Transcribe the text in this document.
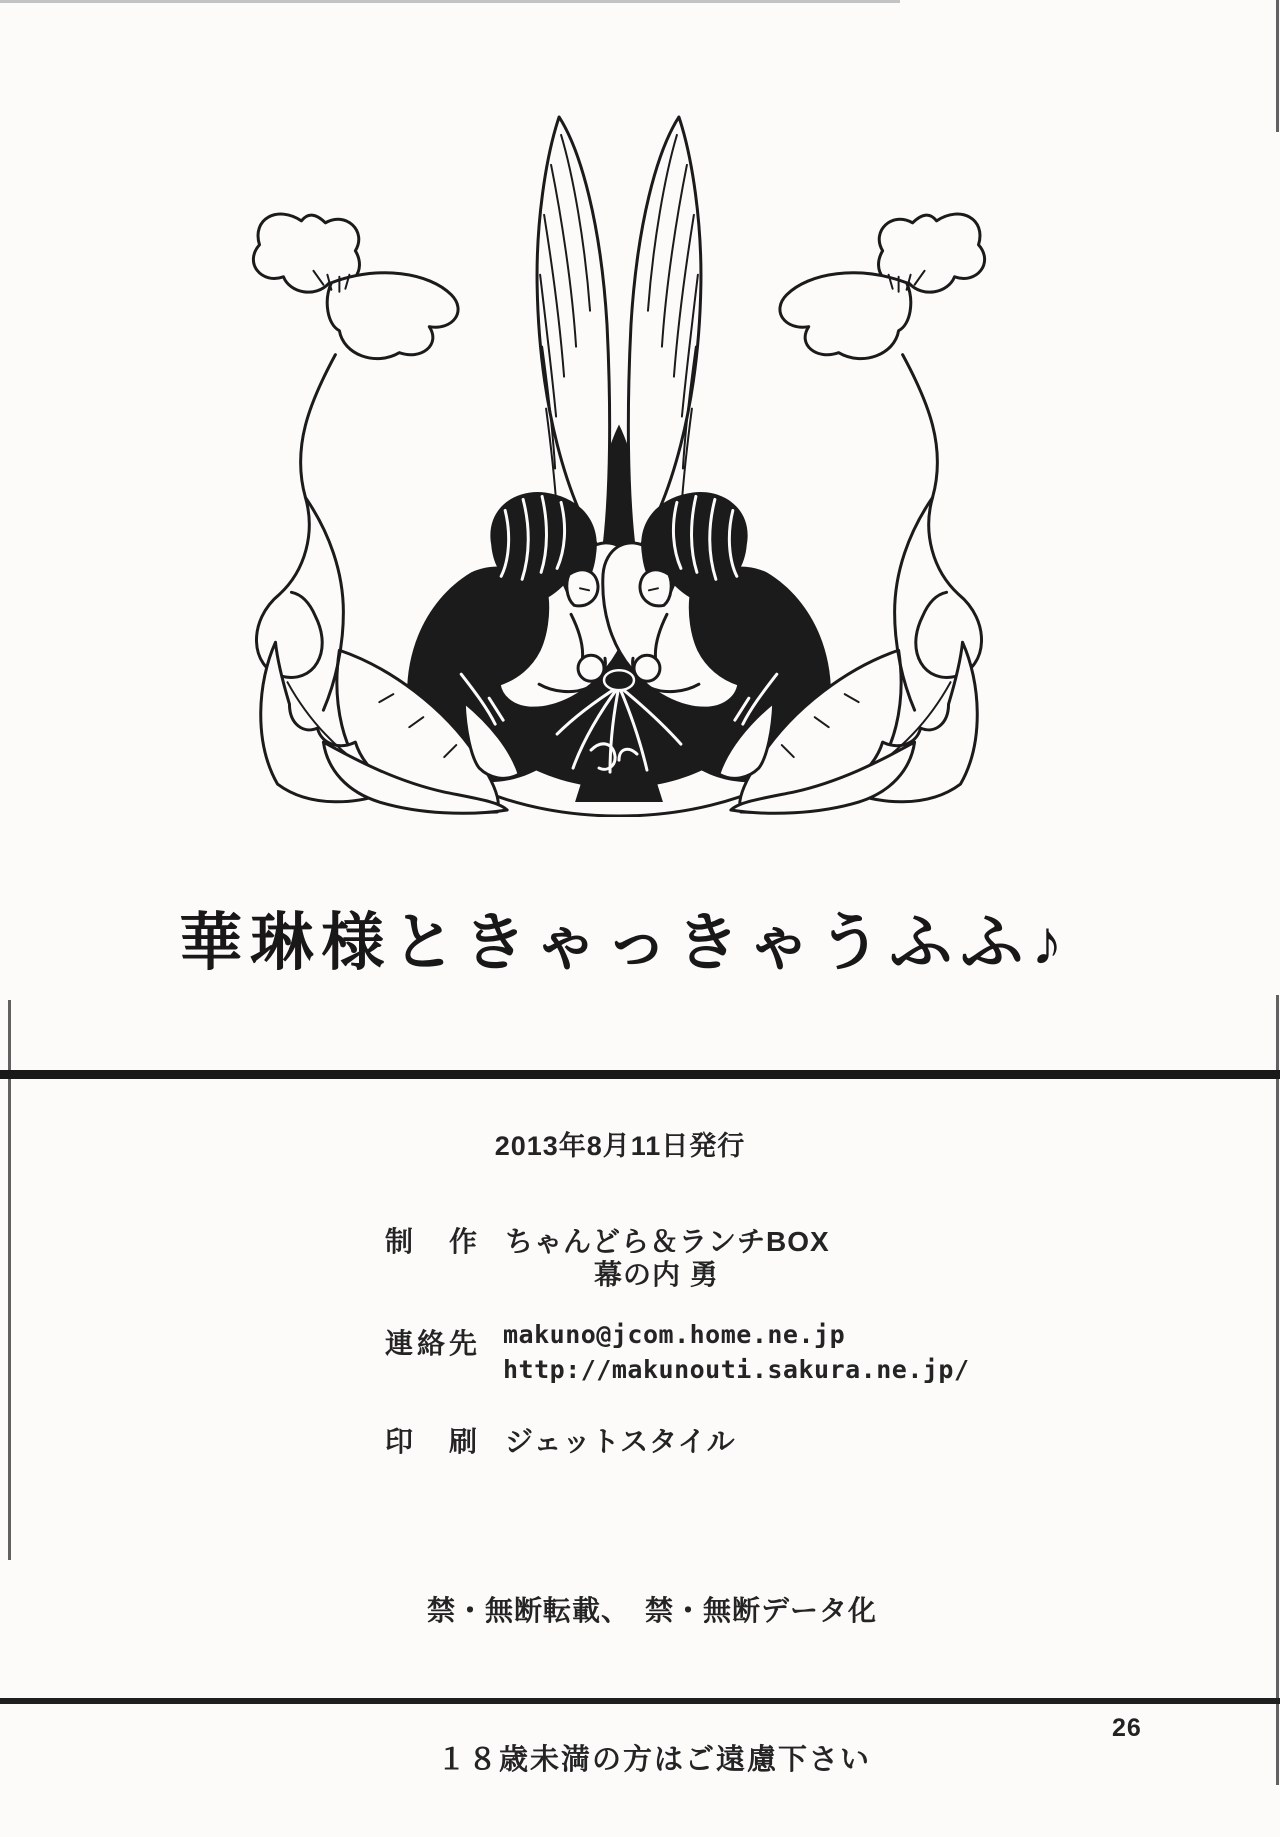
華琳様ときゃっきゃうふふ♪
2013年8月11日発行
制　作 ちゃんどら＆ランチBOX
幕の内 勇
連絡先 makuno@jcom.home.ne.jp
http://makunouti.sakura.ne.jp/
印　刷 ジェットスタイル
禁・無断転載、　禁・無断データ化
26
１８歳未満の方はご遠慮下さい
